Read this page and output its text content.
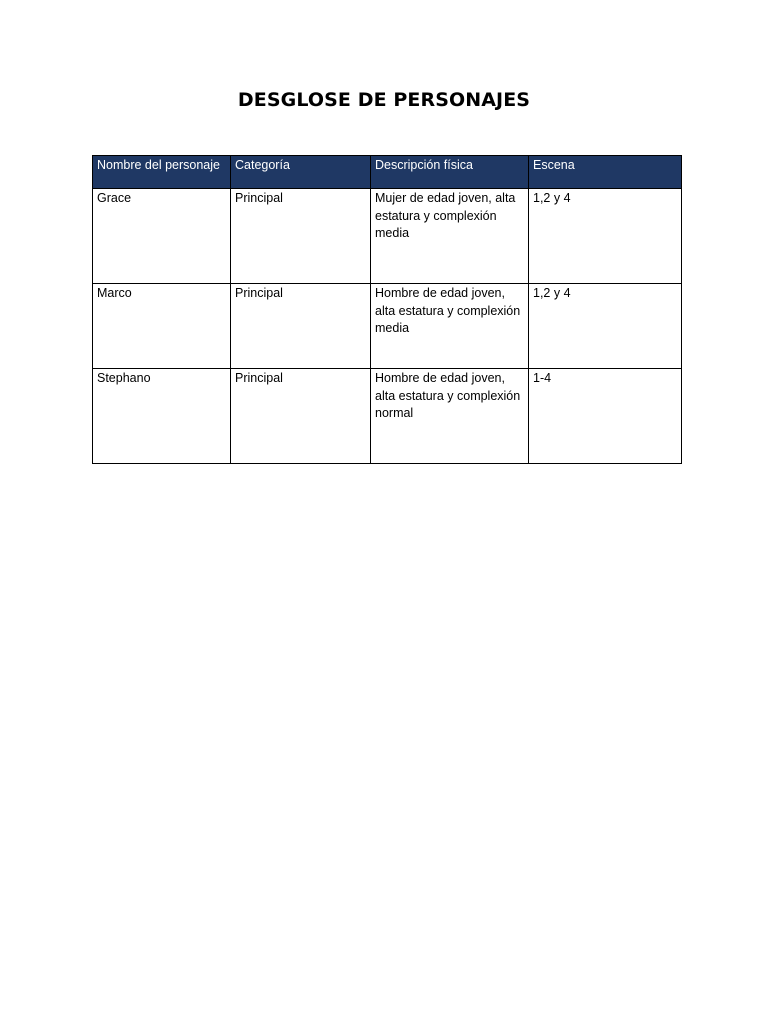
DESGLOSE DE PERSONAJES
Nombre del personaje	Categoría	Descripción física	Escena
Grace	Principal	Mujer de edad joven, alta estatura y complexión media	1,2 y 4
Marco	Principal	Hombre de edad joven, alta estatura y complexión media	1,2 y 4
Stephano	Principal	Hombre de edad joven, alta estatura y complexión normal	1-4
